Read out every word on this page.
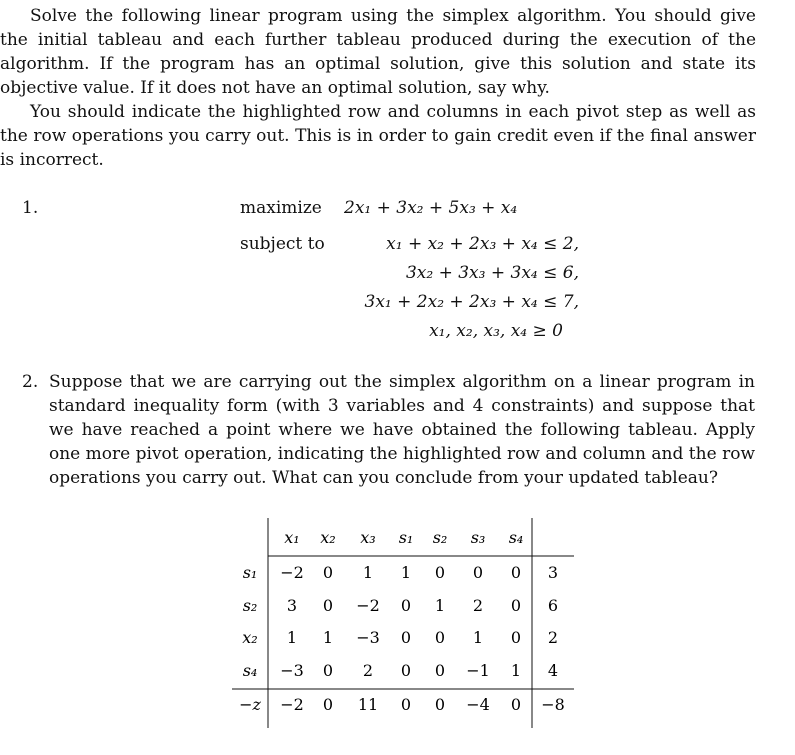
Solve the following linear program using the simplex algorithm. You should give the initial tableau and each further tableau produced during the execution of the algorithm. If the program has an optimal solution, give this solution and state its objective value. If it does not have an optimal solution, say why.

You should indicate the highlighted row and columns in each pivot step as well as the row operations you carry out. This is in order to gain credit even if the final answer is incorrect.

1.	maximize 2x₁ + 3x₂ + 5x₃ + x₄
subject to	x₁ + x₂ + 2x₃ + x₄ ≤ 2,
3x₂ + 3x₃ + 3x₄ ≤ 6,
3x₁ + 2x₂ + 2x₃ + x₄ ≤ 7,
x₁, x₂, x₃, x₄ ≥ 0
2. Suppose that we are carrying out the simplex algorithm on a linear program in standard inequality form (with 3 variables and 4 constraints) and suppose that we have reached a point where we have obtained the following tableau. Apply one more pivot operation, indicating the highlighted row and column and the row operations you carry out. What can you conclude from your updated tableau?
x₁ x₂ x₃ s₁ s₂ s₃ s₄
s₁ −2 0 1 1 0 0 0 3
s₂ 3 0 −2 0 1 2 0 6
x₂ 1 1 −3 0 0 1 0 2
s₄ −3 0 2 0 0 −1 1 4
−z −2 0 11 0 0 −4 0 −8
